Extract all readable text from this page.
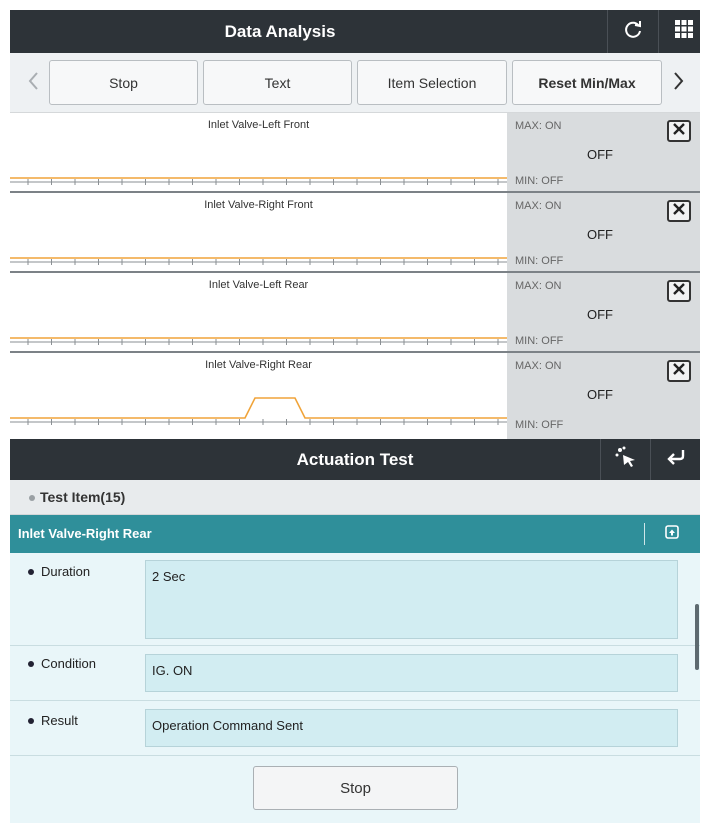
Data Analysis
Stop	Text	Item Selection	Reset Min/Max
Inlet Valve-Left Front	MAX: ON
OFF
MIN: OFF
Inlet Valve-Right Front	MAX: ON
OFF
MIN: OFF
Inlet Valve-Left Rear	MAX: ON
OFF
MIN: OFF
Inlet Valve-Right Rear	MAX: ON
OFF
MIN: OFF
Actuation Test
Test Item(15)
Inlet Valve-Right Rear
Duration	2 Sec
Condition	IG. ON
Result	Operation Command Sent
Stop
